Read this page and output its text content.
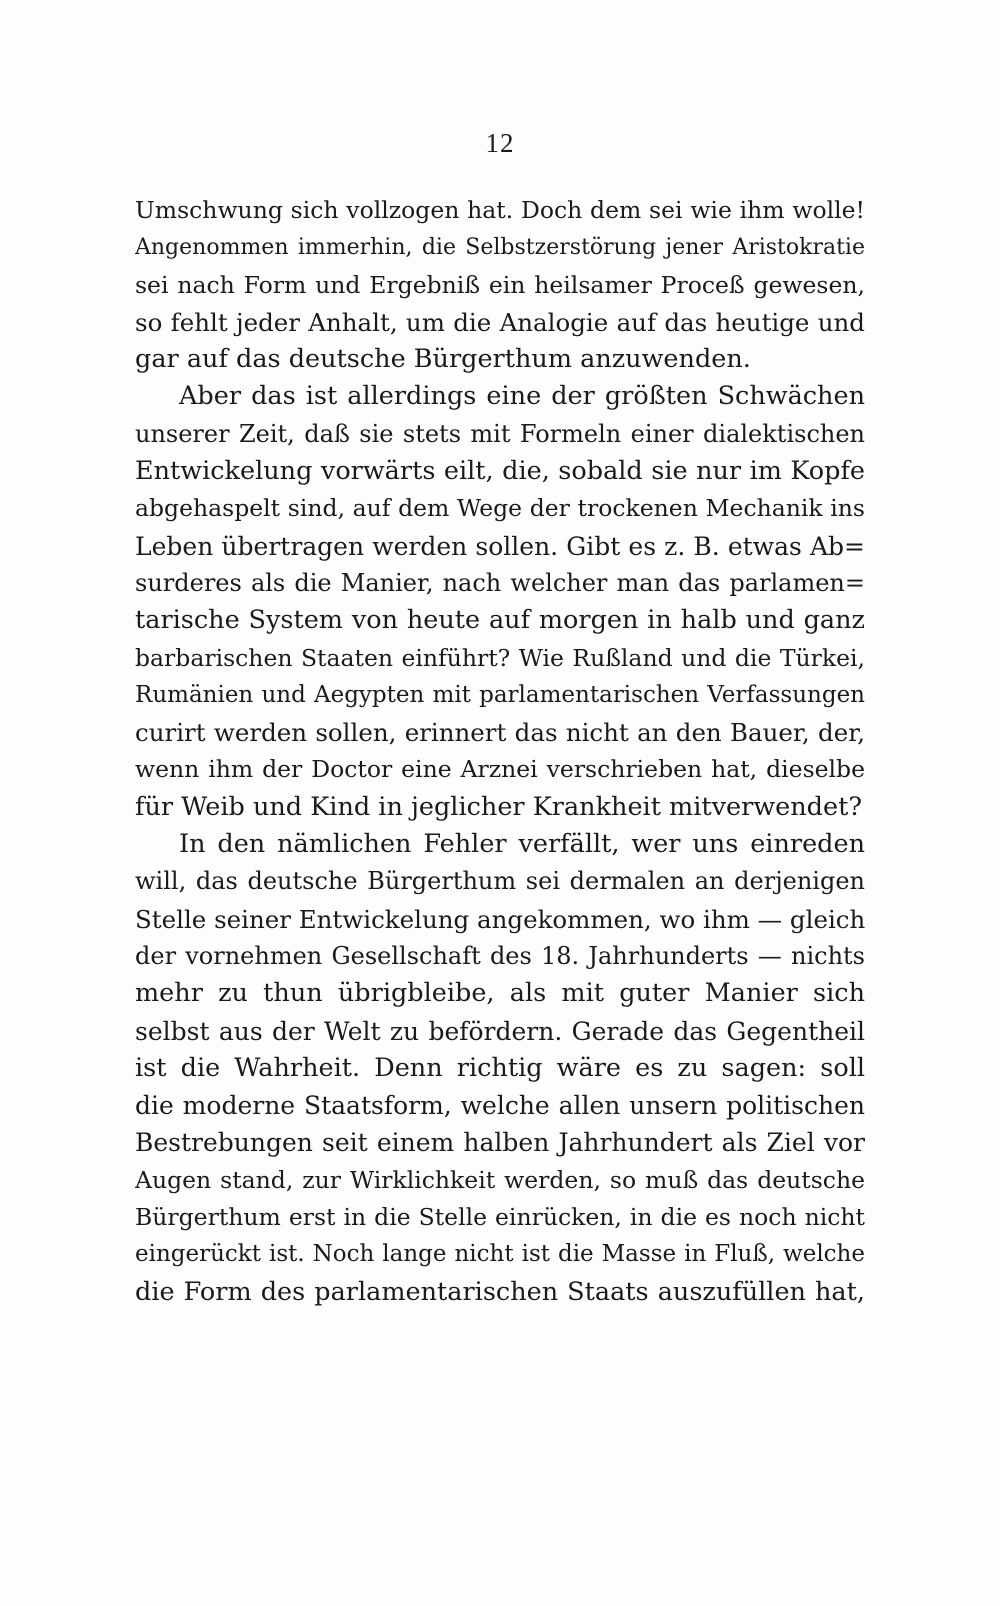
12
Umschwung sich vollzogen hat. Doch dem sei wie ihm wolle!
Angenommen immerhin, die Selbstzerstörung jener Aristokratie
sei nach Form und Ergebniß ein heilsamer Proceß gewesen,
so fehlt jeder Anhalt, um die Analogie auf das heutige und
gar auf das deutsche Bürgerthum anzuwenden.
Aber das ist allerdings eine der größten Schwächen
unserer Zeit, daß sie stets mit Formeln einer dialektischen
Entwickelung vorwärts eilt, die, sobald sie nur im Kopfe
abgehaspelt sind, auf dem Wege der trockenen Mechanik ins
Leben übertragen werden sollen. Gibt es z. B. etwas Ab=
surderes als die Manier, nach welcher man das parlamen=
tarische System von heute auf morgen in halb und ganz
barbarischen Staaten einführt? Wie Rußland und die Türkei,
Rumänien und Aegypten mit parlamentarischen Verfassungen
curirt werden sollen, erinnert das nicht an den Bauer, der,
wenn ihm der Doctor eine Arznei verschrieben hat, dieselbe
für Weib und Kind in jeglicher Krankheit mitverwendet?
In den nämlichen Fehler verfällt, wer uns einreden
will, das deutsche Bürgerthum sei dermalen an derjenigen
Stelle seiner Entwickelung angekommen, wo ihm — gleich
der vornehmen Gesellschaft des 18. Jahrhunderts — nichts
mehr zu thun übrigbleibe, als mit guter Manier sich
selbst aus der Welt zu befördern. Gerade das Gegentheil
ist die Wahrheit. Denn richtig wäre es zu sagen: soll
die moderne Staatsform, welche allen unsern politischen
Bestrebungen seit einem halben Jahrhundert als Ziel vor
Augen stand, zur Wirklichkeit werden, so muß das deutsche
Bürgerthum erst in die Stelle einrücken, in die es noch nicht
eingerückt ist. Noch lange nicht ist die Masse in Fluß, welche
die Form des parlamentarischen Staats auszufüllen hat,
